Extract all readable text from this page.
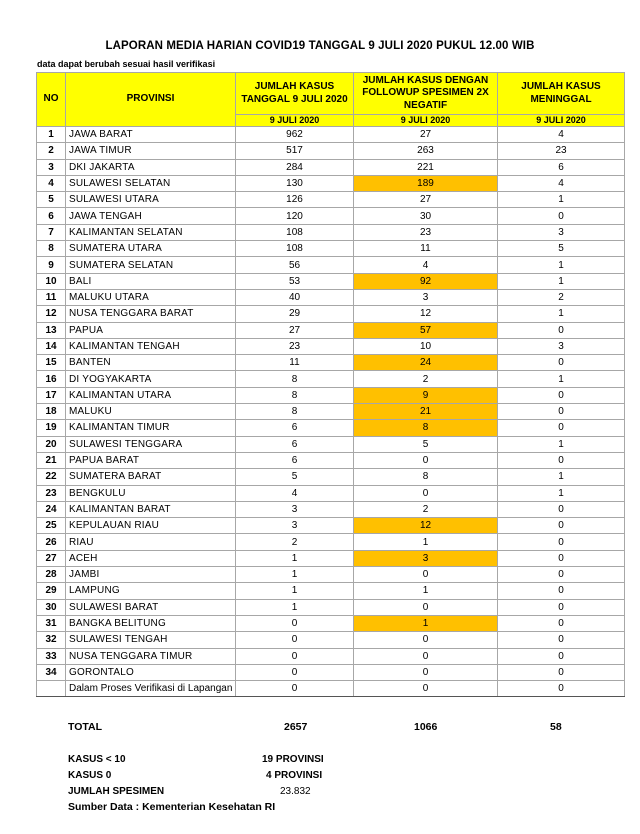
LAPORAN MEDIA HARIAN COVID19 TANGGAL 9 JULI 2020 PUKUL 12.00 WIB
data dapat berubah sesuai hasil verifikasi
NO	PROVINSI	JUMLAH KASUS TANGGAL 9 JULI 2020	JUMLAH KASUS DENGAN FOLLOWUP SPESIMEN 2X NEGATIF	JUMLAH KASUS MENINGGAL
		9 JULI 2020	9 JULI 2020	9 JULI 2020
1	JAWA BARAT	962	27	4
2	JAWA TIMUR	517	263	23
3	DKI JAKARTA	284	221	6
4	SULAWESI SELATAN	130	189	4
5	SULAWESI UTARA	126	27	1
6	JAWA TENGAH	120	30	0
7	KALIMANTAN SELATAN	108	23	3
8	SUMATERA UTARA	108	11	5
9	SUMATERA SELATAN	56	4	1
10	BALI	53	92	1
11	MALUKU UTARA	40	3	2
12	NUSA TENGGARA BARAT	29	12	1
13	PAPUA	27	57	0
14	KALIMANTAN TENGAH	23	10	3
15	BANTEN	11	24	0
16	DI YOGYAKARTA	8	2	1
17	KALIMANTAN UTARA	8	9	0
18	MALUKU	8	21	0
19	KALIMANTAN TIMUR	6	8	0
20	SULAWESI TENGGARA	6	5	1
21	PAPUA BARAT	6	0	0
22	SUMATERA BARAT	5	8	1
23	BENGKULU	4	0	1
24	KALIMANTAN BARAT	3	2	0
25	KEPULAUAN RIAU	3	12	0
26	RIAU	2	1	0
27	ACEH	1	3	0
28	JAMBI	1	0	0
29	LAMPUNG	1	1	0
30	SULAWESI BARAT	1	0	0
31	BANGKA BELITUNG	0	1	0
32	SULAWESI TENGAH	0	0	0
33	NUSA TENGGARA TIMUR	0	0	0
34	GORONTALO	0	0	0
	Dalam Proses Verifikasi di Lapangan	0	0	0
TOTAL	2657	1066	58
KASUS < 10	19 PROVINSI
KASUS 0	4 PROVINSI
JUMLAH SPESIMEN	23.832
Sumber Data : Kementerian Kesehatan RI
